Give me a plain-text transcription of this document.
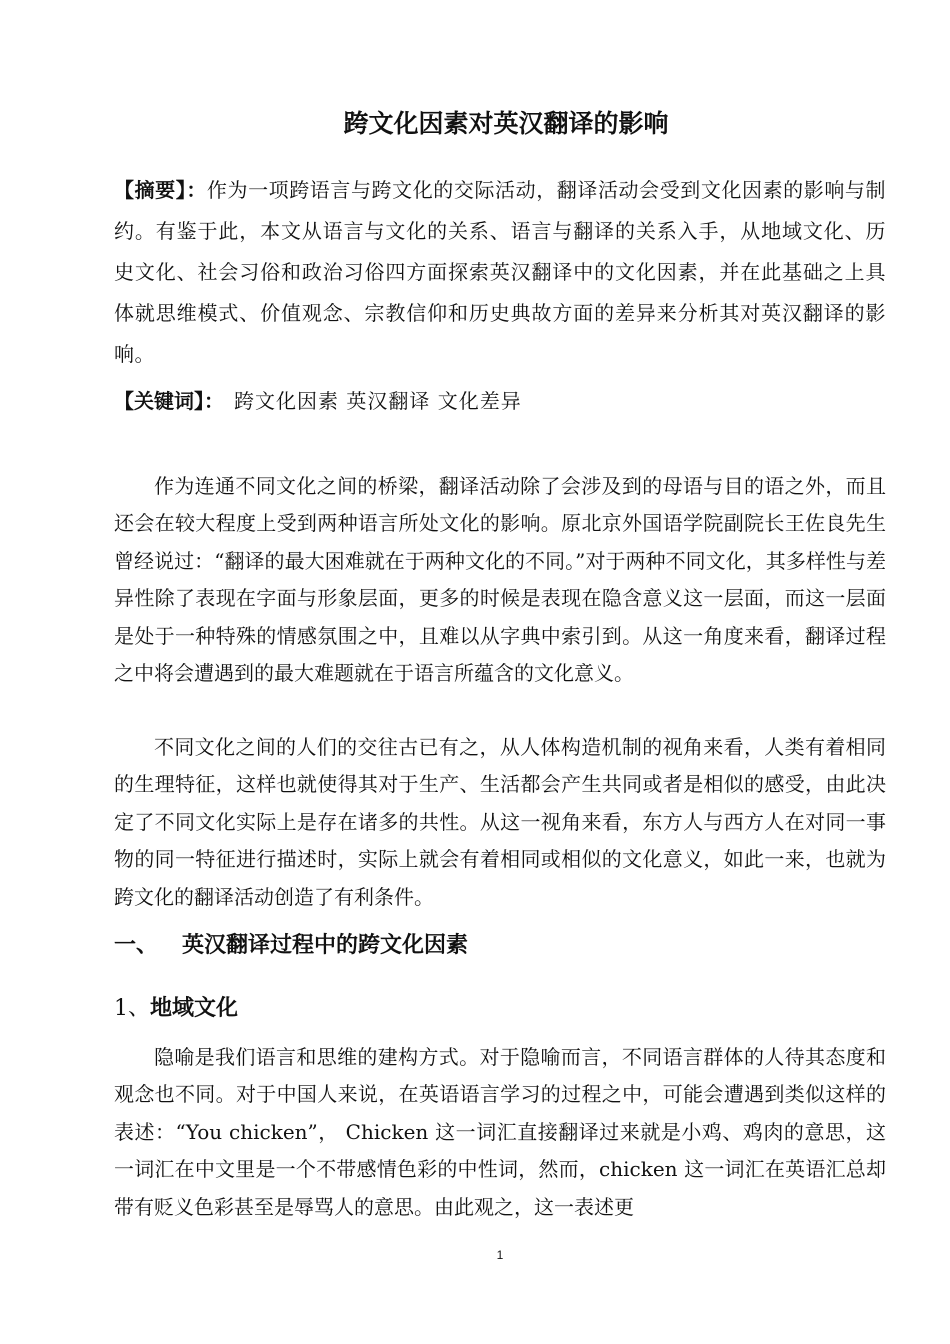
跨文化因素对英汉翻译的影响

【摘要】：作为一项跨语言与跨文化的交际活动，翻译活动会受到文化因素的影响与制约。有鉴于此，本文从语言与文化的关系、语言与翻译的关系入手，从地域文化、历史文化、社会习俗和政治习俗四方面探索英汉翻译中的文化因素，并在此基础之上具体就思维模式、价值观念、宗教信仰和历史典故方面的差异来分析其对英汉翻译的影响。

【关键词】： 跨文化因素 英汉翻译 文化差异

作为连通不同文化之间的桥梁，翻译活动除了会涉及到的母语与目的语之外，而且还会在较大程度上受到两种语言所处文化的影响。原北京外国语学院副院长王佐良先生曾经说过：“翻译的最大困难就在于两种文化的不同。”对于两种不同文化，其多样性与差异性除了表现在字面与形象层面，更多的时候是表现在隐含意义这一层面，而这一层面是处于一种特殊的情感氛围之中，且难以从字典中索引到。从这一角度来看，翻译过程之中将会遭遇到的最大难题就在于语言所蕴含的文化意义。

不同文化之间的人们的交往古已有之，从人体构造机制的视角来看，人类有着相同的生理特征，这样也就使得其对于生产、生活都会产生共同或者是相似的感受，由此决定了不同文化实际上是存在诸多的共性。从这一视角来看，东方人与西方人在对同一事物的同一特征进行描述时，实际上就会有着相同或相似的文化意义，如此一来，也就为跨文化的翻译活动创造了有利条件。

一、 英汉翻译过程中的跨文化因素
1、地域文化

隐喻是我们语言和思维的建构方式。对于隐喻而言，不同语言群体的人待其态度和观念也不同。对于中国人来说，在英语语言学习的过程之中，可能会遭遇到类似这样的表述：“You chicken”， Chicken 这一词汇直接翻译过来就是小鸡、鸡肉的意思，这一词汇在中文里是一个不带感情色彩的中性词，然而，chicken 这一词汇在英语汇总却带有贬义色彩甚至是辱骂人的意思。由此观之，这一表述更

1
